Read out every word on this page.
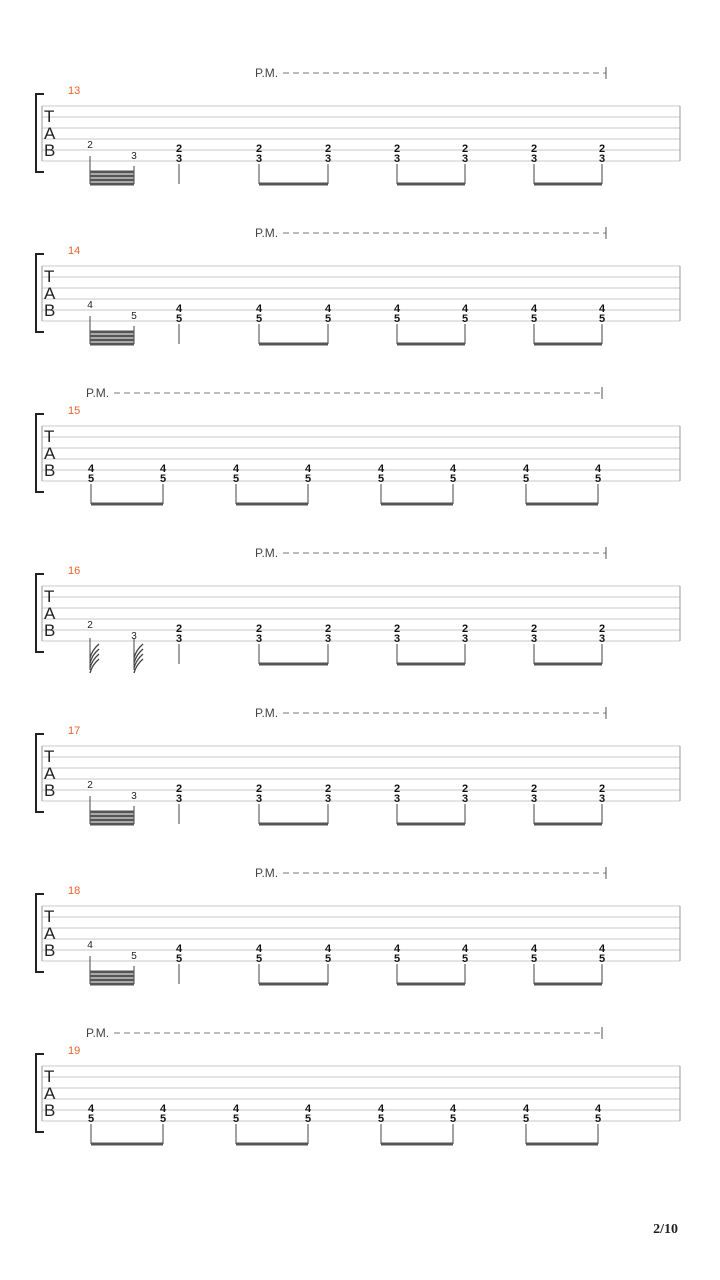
P.M.
13
T
A
B	2
3
2
3
2
3
2
3
2
3
2
3
2
3
2
3
P.M.
14
T
A
B	4
5
4
5
4
5
4
5
4
5
4
5
4
5
4
5
P.M.
15
T
A
B	4
5
4
5
4
5
4
5
4
5
4
5
4
5
4
5
P.M.
16
T
A
B	2
3
2
3
2
3
2
3
2
3
2
3
2
3
2
3
P.M.
17
T
A
B	2
3
2
3
2
3
2
3
2
3
2
3
2
3
2
3
P.M.
18
T
A
B	4
5
4
5
4
5
4
5
4
5
4
5
4
5
4
5
P.M.
19
T
A
B	4
5
4
5
4
5
4
5
4
5
4
5
4
5
4
5
2/10
